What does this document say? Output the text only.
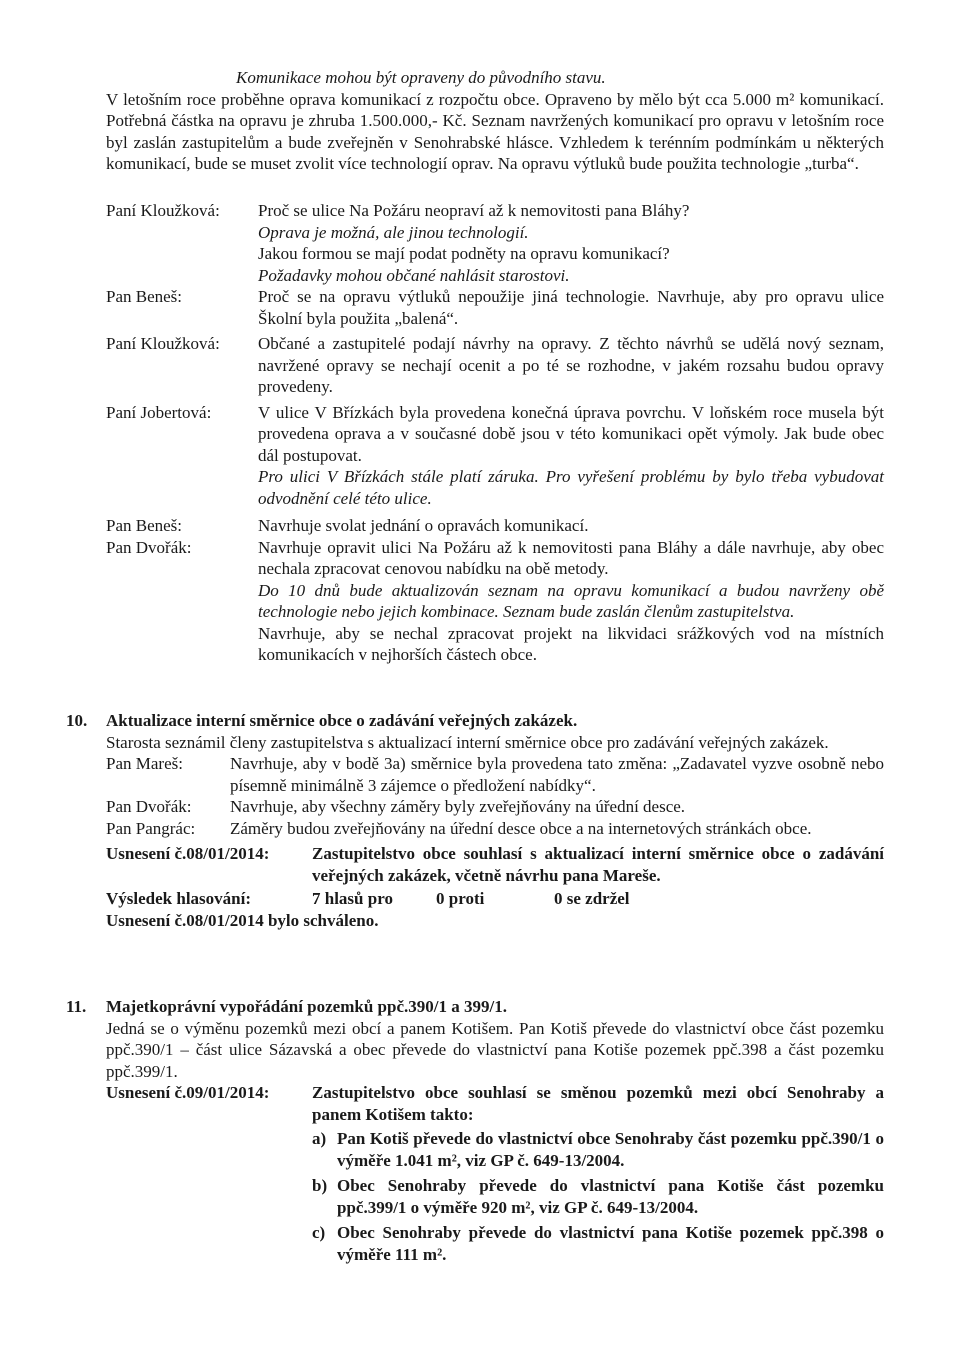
Komunikace mohou být opraveny do původního stavu.

V letošním roce proběhne oprava komunikací z rozpočtu obce. Opraveno by mělo být cca 5.000 m² komunikací. Potřebná částka na opravu je zhruba 1.500.000,- Kč. Seznam navržených komunikací pro opravu v letošním roce byl zaslán zastupitelům a bude zveřejněn v Senohrabské hlásce. Vzhledem k terénním podmínkám u některých komunikací, bude se muset zvolit více technologií oprav. Na opravu výtluků bude použita technologie „turba“.

Paní Kloužková: Proč se ulice Na Požáru neopraví až k nemovitosti pana Bláhy?

Oprava je možná, ale jinou technologií.

Jakou formou se mají podat podněty na opravu komunikací?

Požadavky mohou občané nahlásit starostovi.

Pan Beneš:	Proč se na opravu výtluků nepoužije jiná technologie. Navrhuje, aby pro opravu ulice Školní byla použita „balená“.

Paní Kloužková: Občané a zastupitelé podají návrhy na opravy. Z těchto návrhů se udělá nový seznam, navržené opravy se nechají ocenit a po té se rozhodne, v jakém rozsahu budou opravy provedeny.

Paní Jobertová:	V ulice V Břízkách byla provedena konečná úprava povrchu. V loňském roce musela být provedena oprava a v současné době jsou v této komunikaci opět výmoly. Jak bude obec dál postupovat.

Pro ulici V Břízkách stále platí záruka. Pro vyřešení problému by bylo třeba vybudovat odvodnění celé této ulice.

Pan Beneš:	Navrhuje svolat jednání o opravách komunikací.

Pan Dvořák:	Navrhuje opravit ulici Na Požáru až k nemovitosti pana Bláhy a dále navrhuje, aby obec nechala zpracovat cenovou nabídku na obě metody.

Do 10 dnů bude aktualizován seznam na opravu komunikací a budou navrženy obě technologie nebo jejich kombinace. Seznam bude zaslán členům zastupitelstva.

Navrhuje, aby se nechal zpracovat projekt na likvidaci srážkových vod na místních komunikacích v nejhorších částech obce.

10. Aktualizace interní směrnice obce o zadávání veřejných zakázek.

Starosta seznámil členy zastupitelstva s aktualizací interní směrnice obce pro zadávání veřejných zakázek.

Pan Mareš:	Navrhuje, aby v bodě 3a) směrnice byla provedena tato změna: „Zadavatel vyzve osobně nebo písemně minimálně 3 zájemce o předložení nabídky“.

Pan Dvořák: Navrhuje, aby všechny záměry byly zveřejňovány na úřední desce.

Pan Pangrác: Záměry budou zveřejňovány na úřední desce obce a na internetových stránkách obce.

Usnesení č.08/01/2014:	Zastupitelstvo obce souhlasí s aktualizací interní směrnice obce o zadávání veřejných zakázek, včetně návrhu pana Mareše.

Výsledek hlasování:	7 hlasů pro	0 proti	0 se zdržel

Usnesení č.08/01/2014 bylo schváleno.

11. Majetkoprávní vypořádání pozemků ppč.390/1 a 399/1.

Jedná se o výměnu pozemků mezi obcí a panem Kotišem. Pan Kotiš převede do vlastnictví obce část pozemku ppč.390/1 – část ulice Sázavská a obec převede do vlastnictví pana Kotiše pozemek ppč.398 a část pozemku ppč.399/1.

Usnesení č.09/01/2014:	Zastupitelstvo obce souhlasí se směnou pozemků mezi obcí Senohraby a panem Kotišem takto:

a) Pan Kotiš převede do vlastnictví obce Senohraby část pozemku ppč.390/1 o výměře 1.041 m², viz GP č. 649-13/2004.
b) Obec Senohraby převede do vlastnictví pana Kotiše část pozemku ppč.399/1 o výměře 920 m², viz GP č. 649-13/2004.
c) Obec Senohraby převede do vlastnictví pana Kotiše pozemek ppč.398 o výměře 111 m².
